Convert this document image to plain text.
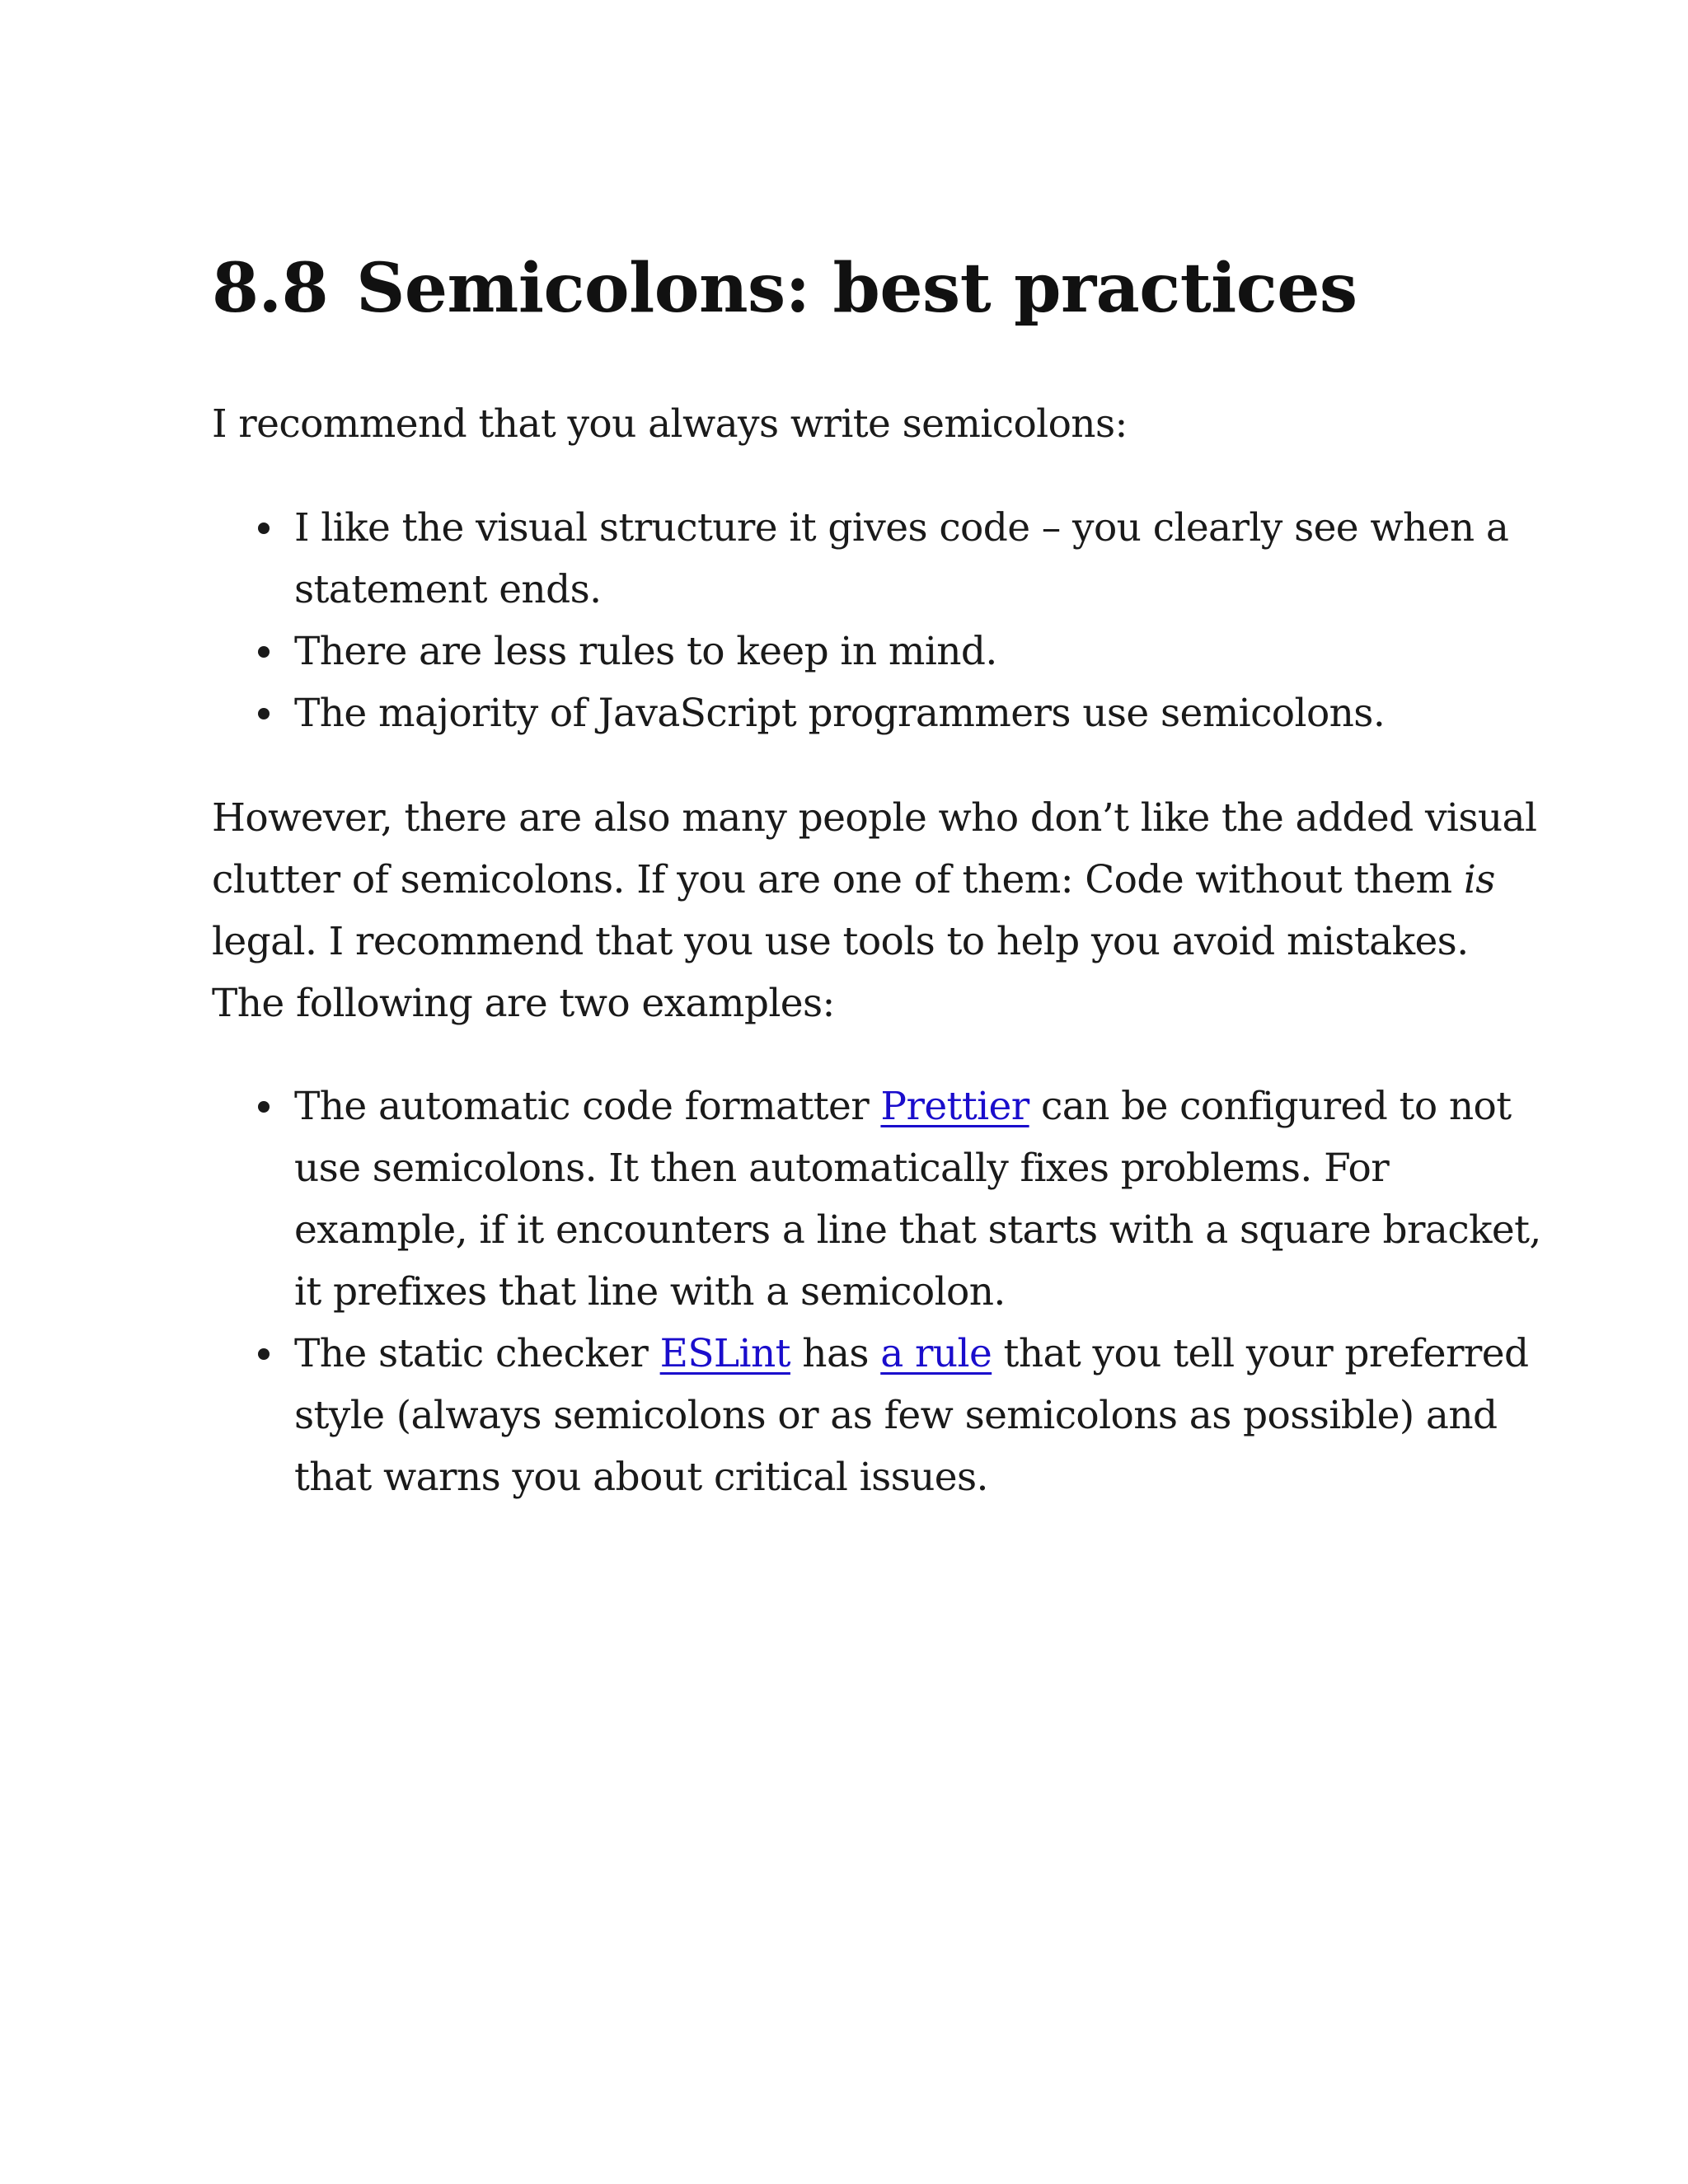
8.8 Semicolons: best practices

I recommend that you always write semicolons:

I like the visual structure it gives code – you clearly see when a
statement ends.
There are less rules to keep in mind.
The majority of JavaScript programmers use semicolons.

However, there are also many people who don’t like the added visual
clutter of semicolons. If you are one of them: Code without them is
legal. I recommend that you use tools to help you avoid mistakes.
The following are two examples:

The automatic code formatter Prettier can be configured to not
use semicolons. It then automatically fixes problems. For
example, if it encounters a line that starts with a square bracket,
it prefixes that line with a semicolon.
The static checker ESLint has a rule that you tell your preferred
style (always semicolons or as few semicolons as possible) and
that warns you about critical issues.
